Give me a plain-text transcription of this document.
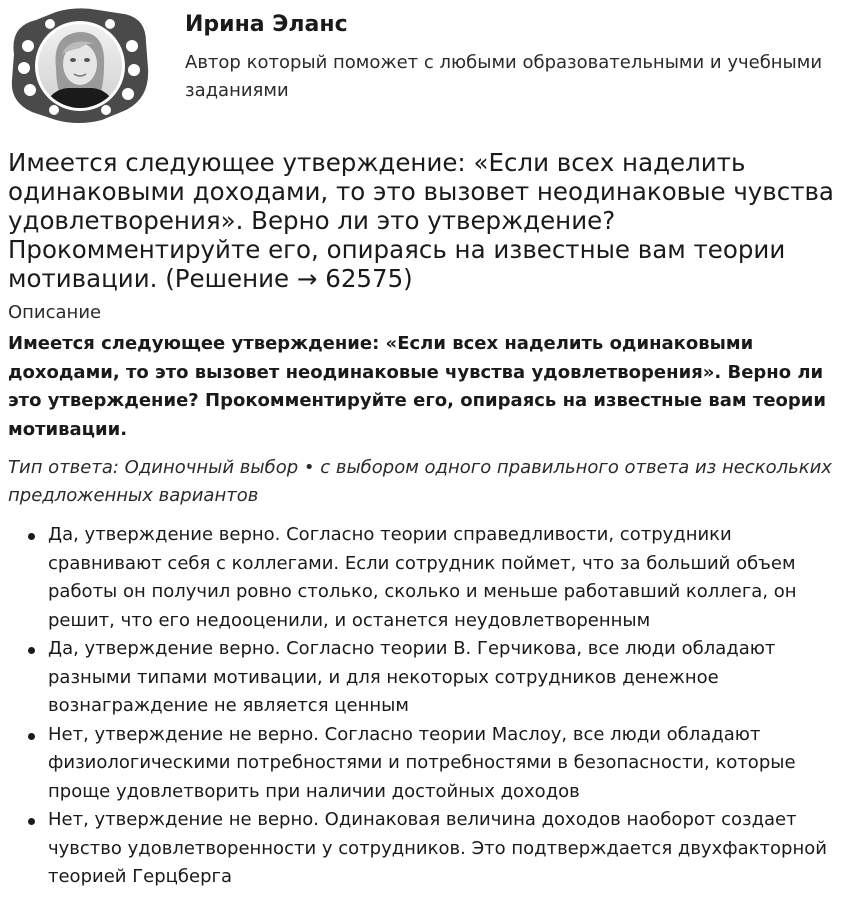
Ирина Эланс
Автор который поможет с любыми образовательными и учебными заданиями
Имеется следующее утверждение: «Если всех наделить одинаковыми доходами, то это вызовет неодинаковые чувства удовлетворения». Верно ли это утверждение? Прокомментируйте его, опираясь на известные вам теории мотивации. (Решение → 62575)
Описание

Имеется следующее утверждение: «Если всех наделить одинаковыми доходами, то это вызовет неодинаковые чувства удовлетворения». Верно ли это утверждение? Прокомментируйте его, опираясь на известные вам теории мотивации.

Тип ответа: Одиночный выбор • с выбором одного правильного ответа из нескольких предложенных вариантов

Да, утверждение верно. Согласно теории справедливости, сотрудники сравнивают себя с коллегами. Если сотрудник поймет, что за больший объем работы он получил ровно столько, сколько и меньше работавший коллега, он решит, что его недооценили, и останется неудовлетворенным
Да, утверждение верно. Согласно теории В. Герчикова, все люди обладают разными типами мотивации, и для некоторых сотрудников денежное вознаграждение не является ценным
Нет, утверждение не верно. Согласно теории Маслоу, все люди обладают физиологическими потребностями и потребностями в безопасности, которые проще удовлетворить при наличии достойных доходов
Нет, утверждение не верно. Одинаковая величина доходов наоборот создает чувство удовлетворенности у сотрудников. Это подтверждается двухфакторной теорией Герцберга
